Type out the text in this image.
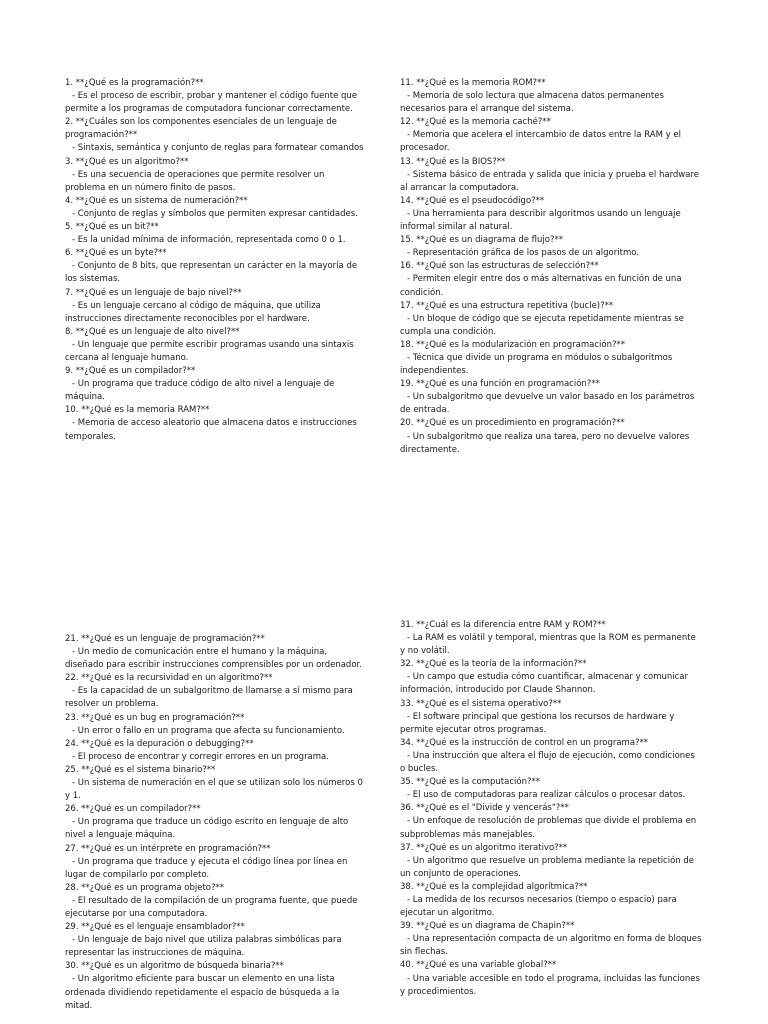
1. **¿Qué es la programación?**

- Es el proceso de escribir, probar y mantener el código fuente que permite a los programas de computadora funcionar correctamente.

2. **¿Cuáles son los componentes esenciales de un lenguaje de programación?**

- Sintaxis, semántica y conjunto de reglas para formatear comandos

3. **¿Qué es un algoritmo?**

- Es una secuencia de operaciones que permite resolver un problema en un número finito de pasos.

4. **¿Qué es un sistema de numeración?**

- Conjunto de reglas y símbolos que permiten expresar cantidades.

5. **¿Qué es un bit?**

- Es la unidad mínima de información, representada como 0 o 1.

6. **¿Qué es un byte?**

- Conjunto de 8 bits, que representan un carácter en la mayoría de los sistemas.

7. **¿Qué es un lenguaje de bajo nivel?**

- Es un lenguaje cercano al código de máquina, que utiliza instrucciones directamente reconocibles por el hardware.

8. **¿Qué es un lenguaje de alto nivel?**

- Un lenguaje que permite escribir programas usando una sintaxis cercana al lenguaje humano.

9. **¿Qué es un compilador?**

- Un programa que traduce código de alto nivel a lenguaje de máquina.

10. **¿Qué es la memoria RAM?**

- Memoria de acceso aleatorio que almacena datos e instrucciones temporales.

11. **¿Qué es la memoria ROM?**

- Memoria de solo lectura que almacena datos permanentes necesarios para el arranque del sistema.

12. **¿Qué es la memoria caché?**

- Memoria que acelera el intercambio de datos entre la RAM y el procesador.

13. **¿Qué es la BIOS?**

- Sistema básico de entrada y salida que inicia y prueba el hardware al arrancar la computadora.

14. **¿Qué es el pseudocódigo?**

- Una herramienta para describir algoritmos usando un lenguaje informal similar al natural.

15. **¿Qué es un diagrama de flujo?**

- Representación gráfica de los pasos de un algoritmo.

16. **¿Qué son las estructuras de selección?**

- Permiten elegir entre dos o más alternativas en función de una condición.

17. **¿Qué es una estructura repetitiva (bucle)?**

- Un bloque de código que se ejecuta repetidamente mientras se cumpla una condición.

18. **¿Qué es la modularización en programación?**

- Técnica que divide un programa en módulos o subalgoritmos independientes.

19. **¿Qué es una función en programación?**

- Un subalgoritmo que devuelve un valor basado en los parámetros de entrada.

20. **¿Qué es un procedimiento en programación?**

- Un subalgoritmo que realiza una tarea, pero no devuelve valores directamente.

21. **¿Qué es un lenguaje de programación?**

- Un medio de comunicación entre el humano y la máquina, diseñado para escribir instrucciones comprensibles por un ordenador.

22. **¿Qué es la recursividad en un algoritmo?**

- Es la capacidad de un subalgoritmo de llamarse a sí mismo para resolver un problema.

23. **¿Qué es un bug en programación?**

- Un error o fallo en un programa que afecta su funcionamiento.

24. **¿Qué es la depuración o debugging?**

- El proceso de encontrar y corregir errores en un programa.

25. **¿Qué es el sistema binario?**

- Un sistema de numeración en el que se utilizan solo los números 0 y 1.

26. **¿Qué es un compilador?**

- Un programa que traduce un código escrito en lenguaje de alto nivel a lenguaje máquina.

27. **¿Qué es un intérprete en programación?**

- Un programa que traduce y ejecuta el código línea por línea en lugar de compilarlo por completo.

28. **¿Qué es un programa objeto?**

- El resultado de la compilación de un programa fuente, que puede ejecutarse por una computadora.

29. **¿Qué es el lenguaje ensamblador?**

- Un lenguaje de bajo nivel que utiliza palabras simbólicas para representar las instrucciones de máquina.

30. **¿Qué es un algoritmo de búsqueda binaria?**

- Un algoritmo eficiente para buscar un elemento en una lista ordenada dividiendo repetidamente el espacio de búsqueda a la mitad.

31. **¿Cuál es la diferencia entre RAM y ROM?**

- La RAM es volátil y temporal, mientras que la ROM es permanente y no volátil.

32. **¿Qué es la teoría de la información?**

- Un campo que estudia cómo cuantificar, almacenar y comunicar información, introducido por Claude Shannon.

33. **¿Qué es el sistema operativo?**

- El software principal que gestiona los recursos de hardware y permite ejecutar otros programas.

34. **¿Qué es la instrucción de control en un programa?**

- Una instrucción que altera el flujo de ejecución, como condiciones o bucles.

35. **¿Qué es la computación?**

- El uso de computadoras para realizar cálculos o procesar datos.

36. **¿Qué es el "Divide y vencerás"?**

- Un enfoque de resolución de problemas que divide el problema en subproblemas más manejables.

37. **¿Qué es un algoritmo iterativo?**

- Un algoritmo que resuelve un problema mediante la repetición de un conjunto de operaciones.

38. **¿Qué es la complejidad algorítmica?**

- La medida de los recursos necesarios (tiempo o espacio) para ejecutar un algoritmo.

39. **¿Qué es un diagrama de Chapin?**

- Una representación compacta de un algoritmo en forma de bloques sin flechas.

40. **¿Qué es una variable global?**

- Una variable accesible en todo el programa, incluidas las funciones y procedimientos.
